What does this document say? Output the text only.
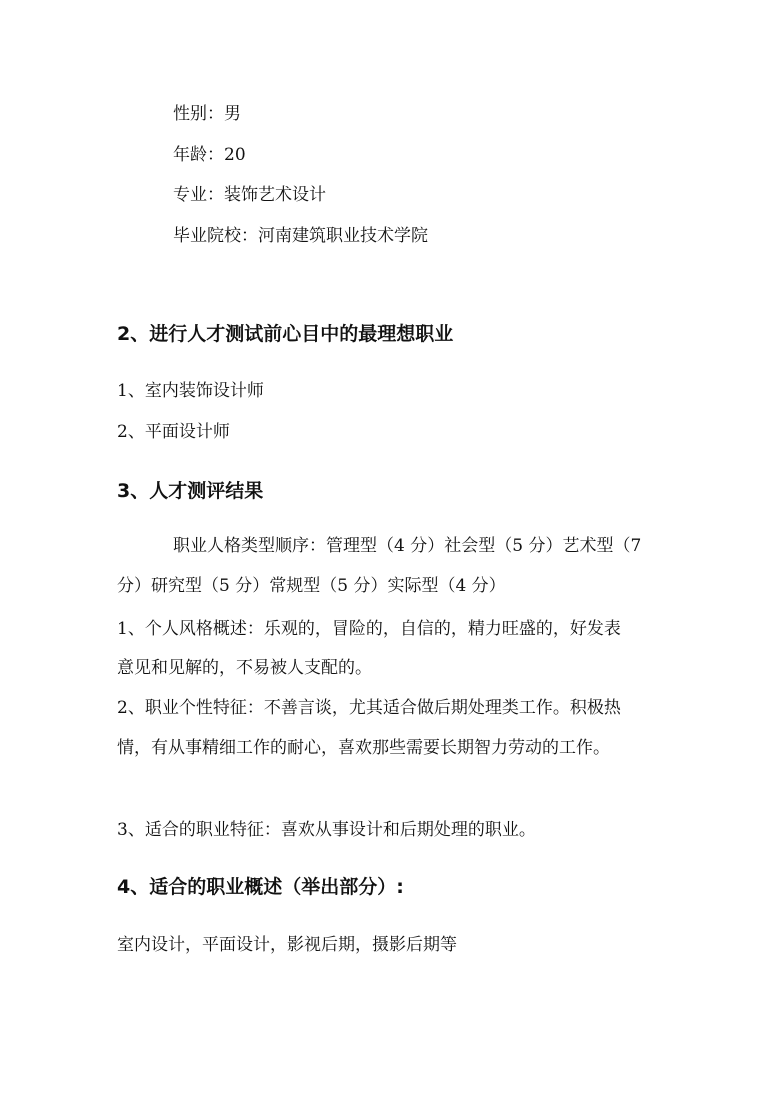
性别：男
年龄：20
专业：装饰艺术设计
毕业院校：河南建筑职业技术学院
2、进行人才测试前心目中的最理想职业
1、室内装饰设计师
2、平面设计师
3、人才测评结果
职业人格类型顺序：管理型（4 分）社会型（5 分）艺术型（7
分）研究型（5 分）常规型（5 分）实际型（4 分）
1、个人风格概述：乐观的，冒险的，自信的，精力旺盛的，好发表
意见和见解的，不易被人支配的。
2、职业个性特征：不善言谈，尤其适合做后期处理类工作。积极热
情，有从事精细工作的耐心，喜欢那些需要长期智力劳动的工作。
3、适合的职业特征：喜欢从事设计和后期处理的职业。
4、适合的职业概述（举出部分）:
室内设计，平面设计，影视后期，摄影后期等
